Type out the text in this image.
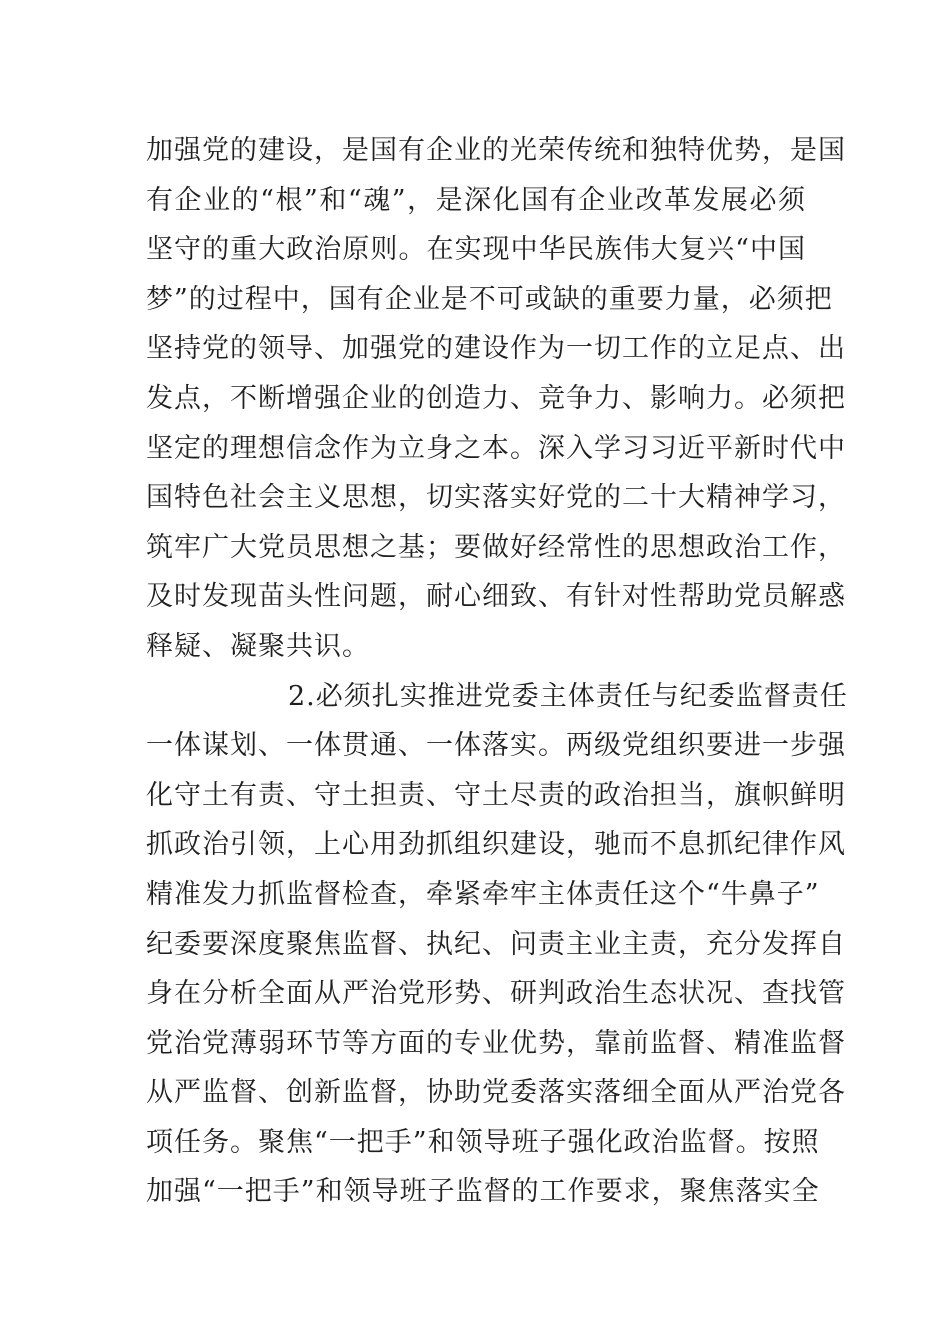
加强党的建设，是国有企业的光荣传统和独特优势，是国
有企业的“根”和“魂”，是深化国有企业改革发展必须
坚守的重大政治原则。在实现中华民族伟大复兴“中国
梦”的过程中，国有企业是不可或缺的重要力量，必须把
坚持党的领导、加强党的建设作为一切工作的立足点、出
发点，不断增强企业的创造力、竞争力、影响力。必须把
坚定的理想信念作为立身之本。深入学习习近平新时代中
国特色社会主义思想，切实落实好党的二十大精神学习，
筑牢广大党员思想之基；要做好经常性的思想政治工作，
及时发现苗头性问题，耐心细致、有针对性帮助党员解惑
释疑、凝聚共识。
2.必须扎实推进党委主体责任与纪委监督责任
一体谋划、一体贯通、一体落实。两级党组织要进一步强
化守土有责、守土担责、守土尽责的政治担当，旗帜鲜明
抓政治引领，上心用劲抓组织建设，驰而不息抓纪律作风
精准发力抓监督检查，牵紧牵牢主体责任这个“牛鼻子”
纪委要深度聚焦监督、执纪、问责主业主责，充分发挥自
身在分析全面从严治党形势、研判政治生态状况、查找管
党治党薄弱环节等方面的专业优势，靠前监督、精准监督
从严监督、创新监督，协助党委落实落细全面从严治党各
项任务。聚焦“一把手”和领导班子强化政治监督。按照
加强“一把手”和领导班子监督的工作要求，聚焦落实全
